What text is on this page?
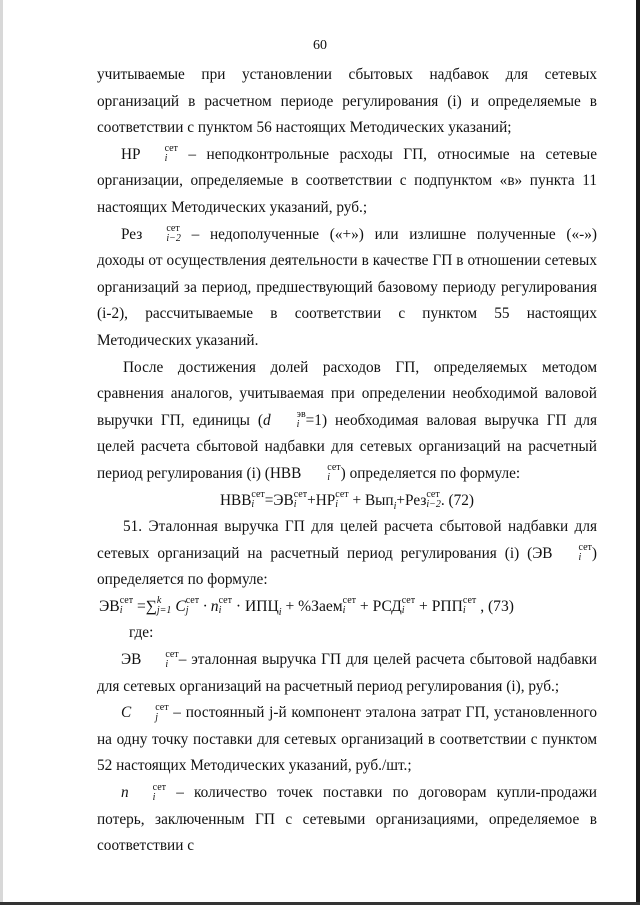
60

учитываемые при установлении сбытовых надбавок для сетевых организаций в расчетном периоде регулирования (i) и определяемые в соответствии с пунктом 56 настоящих Методических указаний;

НР	сет
i – неподконтрольные расходы ГП, относимые на сетевые организации, определяемые в соответствии с подпунктом «в» пункта 11 настоящих Методических указаний, руб.;

Рез	сет
i−2 – недополученные («+») или излишне полученные («-») доходы от осуществления деятельности в качестве ГП в отношении сетевых организаций за период, предшествующий базовому периоду регулирования (i-2), рассчитываемые в соответствии с пунктом 55 настоящих Методических указаний.

После достижения долей расходов ГП, определяемых методом сравнения аналогов, учитываемая при определении необходимой валовой выручки ГП, единицы (d	эв
i =1) необходимая валовая выручка ГП для целей расчета сбытовой надбавки для сетевых организаций на расчетный период регулирования (i) (НВВ	сет
i ) определяется по формуле:

НВВ сет
i =ЭВ сет
i +НР сет
i + Вып$_i$+Рез сет
i−2 . (72)

51. Эталонная выручка ГП для целей расчета сбытовой надбавки для сетевых организаций на расчетный период регулирования (i) (ЭВ	сет
i ) определяется по формуле:

ЭВ сет
i =∑ k
j=1 C сет
j · n сет
$i \cdot ИПЦ_i$ + %Заем сет
i + РСД сет
i + РПП сет
i , (73)

где:

ЭВ	сет
i – эталонная выручка ГП для целей расчета сбытовой надбавки для сетевых организаций на расчетный период регулирования (i), руб.;

C	сет
j – постоянный j-й компонент эталона затрат ГП, установленного на одну точку поставки для сетевых организаций в соответствии с пунктом 52 настоящих Методических указаний, руб./шт.;

n	сет
i – количество точек поставки по договорам купли-продажи потерь, заключенным ГП с сетевыми организациями, определяемое в соответствии с
